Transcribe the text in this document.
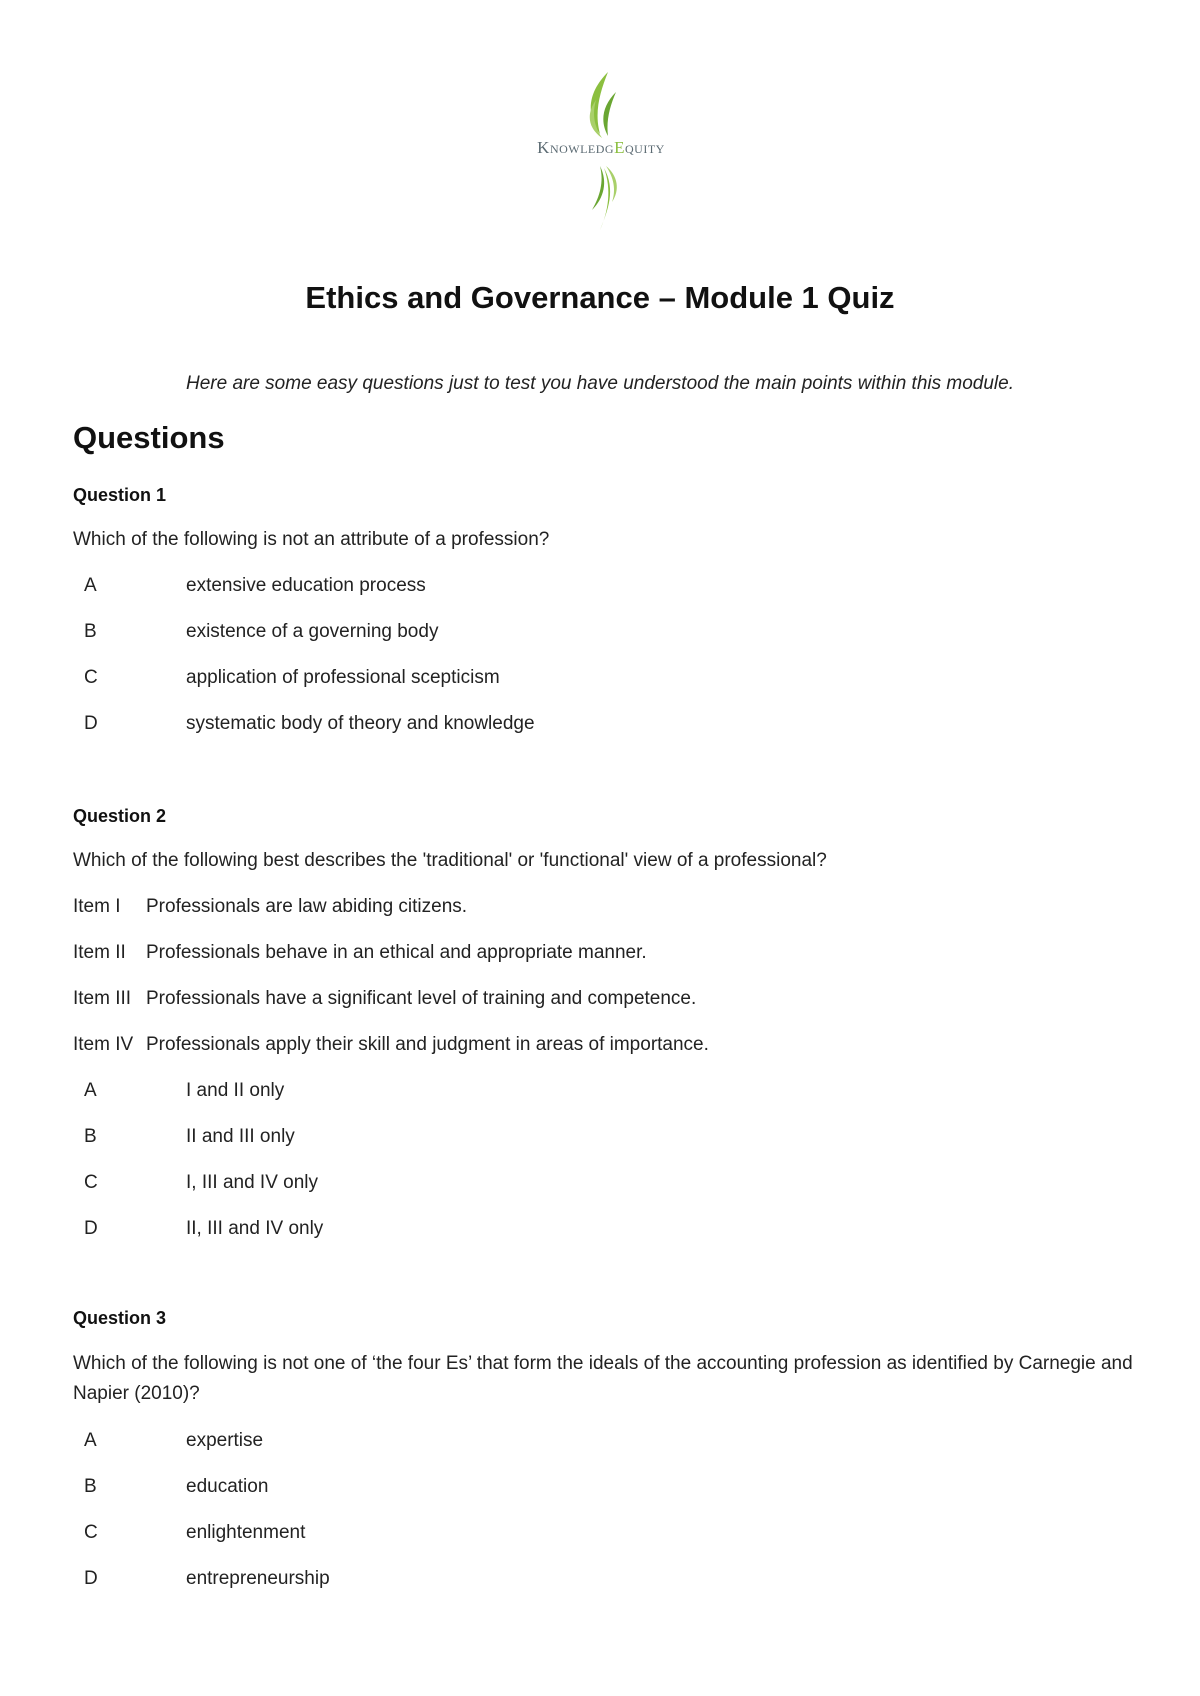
KnowledgEquity
Ethics and Governance – Module 1 Quiz
Here are some easy questions just to test you have understood the main points within this module.
Questions
Question 1
Which of the following is not an attribute of a profession?
A	extensive education process
B	existence of a governing body
C	application of professional scepticism
D	systematic body of theory and knowledge
Question 2
Which of the following best describes the 'traditional' or 'functional' view of a professional?
Item I Professionals are law abiding citizens.
Item II Professionals behave in an ethical and appropriate manner.
Item III Professionals have a significant level of training and competence.
Item IV Professionals apply their skill and judgment in areas of importance.
A	I and II only
B	II and III only
C	I, III and IV only
D	II, III and IV only
Question 3
Which of the following is not one of ‘the four Es’ that form the ideals of the accounting profession as identified by Carnegie and Napier (2010)?
A	expertise
B	education
C	enlightenment
D	entrepreneurship
